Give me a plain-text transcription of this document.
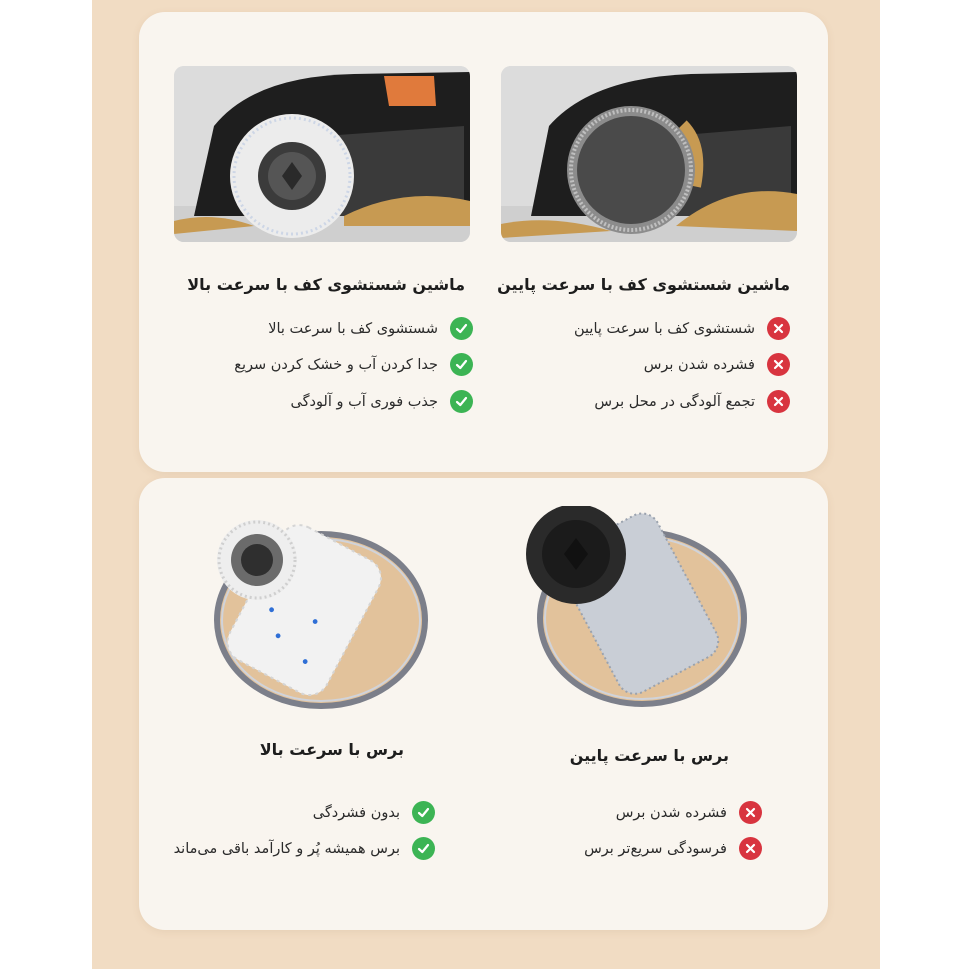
ماشین شستشوی کف با سرعت بالا
شستشوی کف با سرعت بالا
جدا کردن آب و خشک کردن سریع
جذب فوری آب و آلودگی
ماشین شستشوی کف با سرعت پایین
شستشوی کف با سرعت پایین
فشرده شدن برس
تجمع آلودگی در محل برس
برس با سرعت بالا
بدون فشردگی
برس همیشه پُر و کارآمد باقی می‌ماند
برس با سرعت پایین
فشرده شدن برس
فرسودگی سریع‌تر برس
